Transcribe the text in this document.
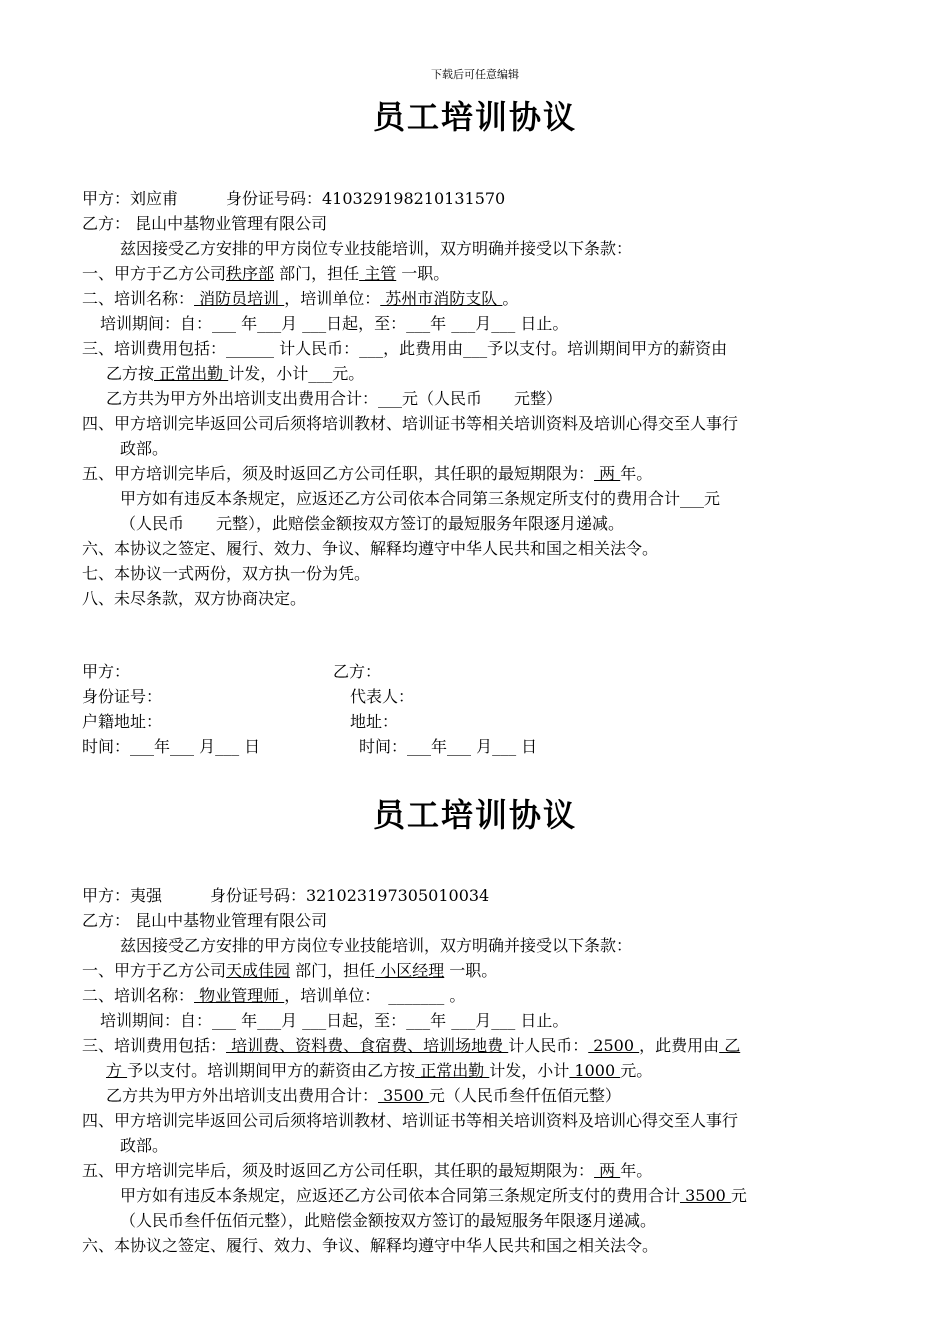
下载后可任意编辑
员工培训协议
甲方：刘应甫　　　身份证号码：410329198210131570
乙方： 昆山中基物业管理有限公司
兹因接受乙方安排的甲方岗位专业技能培训，双方明确并接受以下条款：
一、甲方于乙方公司秩序部 部门，担任 主管 一职。
二、培训名称： 消防员培训 ，培训单位： 苏州市消防支队 。
培训期间：自：___ 年___月 ___日起，至：___年 ___月___ 日止。
三、培训费用包括：______ 计人民币：___，此费用由___予以支付。培训期间甲方的薪资由
乙方按 正常出勤 计发，小计___元。
乙方共为甲方外出培训支出费用合计：___元（人民币　　元整）
四、甲方培训完毕返回公司后须将培训教材、培训证书等相关培训资料及培训心得交至人事行
政部。
五、甲方培训完毕后，须及时返回乙方公司任职，其任职的最短期限为： 两 年。
甲方如有违反本条规定，应返还乙方公司依本合同第三条规定所支付的费用合计___元
（人民币　　元整），此赔偿金额按双方签订的最短服务年限逐月递减。
六、本协议之签定、履行、效力、争议、解释均遵守中华人民共和国之相关法令。
七、本协议一式两份，双方执一份为凭。
八、未尽条款，双方协商决定。
甲方：	乙方：
身份证号：	代表人：
户籍地址：	地址：
时间：___年___ 月___ 日	时间：___年___ 月___ 日
员工培训协议
甲方：夷强　　　身份证号码：321023197305010034
乙方： 昆山中基物业管理有限公司
兹因接受乙方安排的甲方岗位专业技能培训，双方明确并接受以下条款：
一、甲方于乙方公司天成佳园 部门，担任 小区经理 一职。
二、培训名称： 物业管理师 ，培训单位：　_______ 。
培训期间：自：___ 年___月 ___日起，至：___年 ___月___ 日止。
三、培训费用包括： 培训费、资料费、食宿费、培训场地费 计人民币： 2500 ，此费用由 乙
方 予以支付。培训期间甲方的薪资由乙方按 正常出勤 计发，小计 1000 元。
乙方共为甲方外出培训支出费用合计： 3500 元（人民币叁仟伍佰元整）
四、甲方培训完毕返回公司后须将培训教材、培训证书等相关培训资料及培训心得交至人事行
政部。
五、甲方培训完毕后，须及时返回乙方公司任职，其任职的最短期限为： 两 年。
甲方如有违反本条规定，应返还乙方公司依本合同第三条规定所支付的费用合计 3500 元
（人民币叁仟伍佰元整），此赔偿金额按双方签订的最短服务年限逐月递减。
六、本协议之签定、履行、效力、争议、解释均遵守中华人民共和国之相关法令。
